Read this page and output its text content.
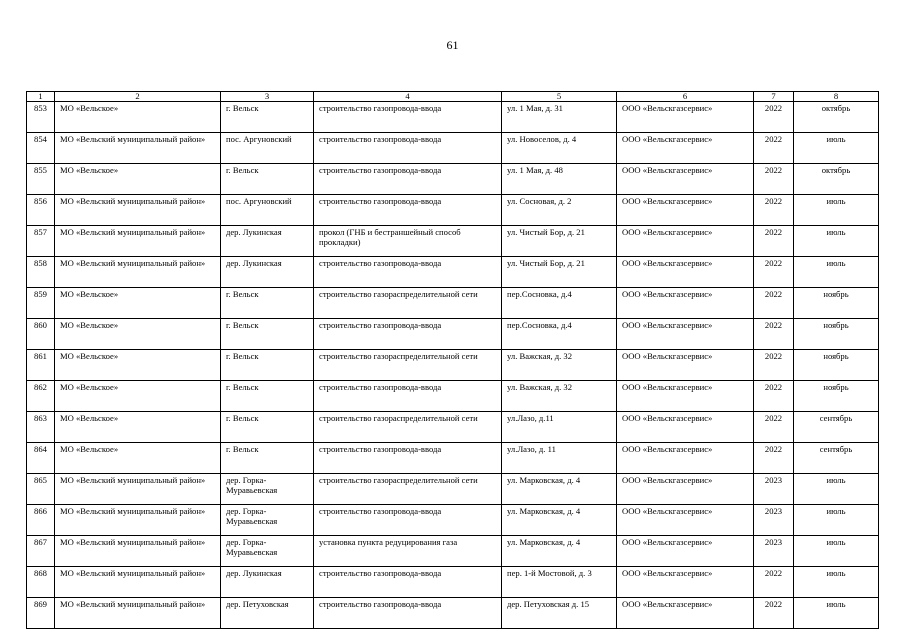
61
1	2	3	4	5	6	7	8
853	МО «Вельское»	г. Вельск	строительство газопровода-ввода	ул. 1 Мая, д. 31	ООО «Вельскгазсервис»	2022	октябрь
854	МО «Вельский муниципальный район»	пос. Аргуновский	строительство газопровода-ввода	ул. Новоселов, д. 4	ООО «Вельскгазсервис»	2022	июль
855	МО «Вельское»	г. Вельск	строительство газопровода-ввода	ул. 1 Мая, д. 48	ООО «Вельскгазсервис»	2022	октябрь
856	МО «Вельский муниципальный район»	пос. Аргуновский	строительство газопровода-ввода	ул. Сосновая, д. 2	ООО «Вельскгазсервис»	2022	июль
857	МО «Вельский муниципальный район»	дер. Лукинская	прокол (ГНБ и бестраншейный способ прокладки)	ул. Чистый Бор, д. 21	ООО «Вельскгазсервис»	2022	июль
858	МО «Вельский муниципальный район»	дер. Лукинская	строительство газопровода-ввода	ул. Чистый Бор, д. 21	ООО «Вельскгазсервис»	2022	июль
859	МО «Вельское»	г. Вельск	строительство газораспределительной сети	пер.Сосновка, д.4	ООО «Вельскгазсервис»	2022	ноябрь
860	МО «Вельское»	г. Вельск	строительство газопровода-ввода	пер.Сосновка, д.4	ООО «Вельскгазсервис»	2022	ноябрь
861	МО «Вельское»	г. Вельск	строительство газораспределительной сети	ул. Важская, д. 32	ООО «Вельскгазсервис»	2022	ноябрь
862	МО «Вельское»	г. Вельск	строительство газопровода-ввода	ул. Важская, д. 32	ООО «Вельскгазсервис»	2022	ноябрь
863	МО «Вельское»	г. Вельск	строительство газораспределительной сети	ул.Лазо, д.11	ООО «Вельскгазсервис»	2022	сентябрь
864	МО «Вельское»	г. Вельск	строительство газопровода-ввода	ул.Лазо, д. 11	ООО «Вельскгазсервис»	2022	сентябрь
865	МО «Вельский муниципальный район»	дер. Горка-Муравьевская	строительство газораспределительной сети	ул. Марковская, д. 4	ООО «Вельскгазсервис»	2023	июль
866	МО «Вельский муниципальный район»	дер. Горка-Муравьевская	строительство газопровода-ввода	ул. Марковская, д. 4	ООО «Вельскгазсервис»	2023	июль
867	МО «Вельский муниципальный район»	дер. Горка-Муравьевская	установка пункта редуцирования газа	ул. Марковская, д. 4	ООО «Вельскгазсервис»	2023	июль
868	МО «Вельский муниципальный район»	дер. Лукинская	строительство газопровода-ввода	пер. 1-й Мостовой, д. 3	ООО «Вельскгазсервис»	2022	июль
869	МО «Вельский муниципальный район»	дер. Петуховская	строительство газопровода-ввода	дер. Петуховская д. 15	ООО «Вельскгазсервис»	2022	июль
